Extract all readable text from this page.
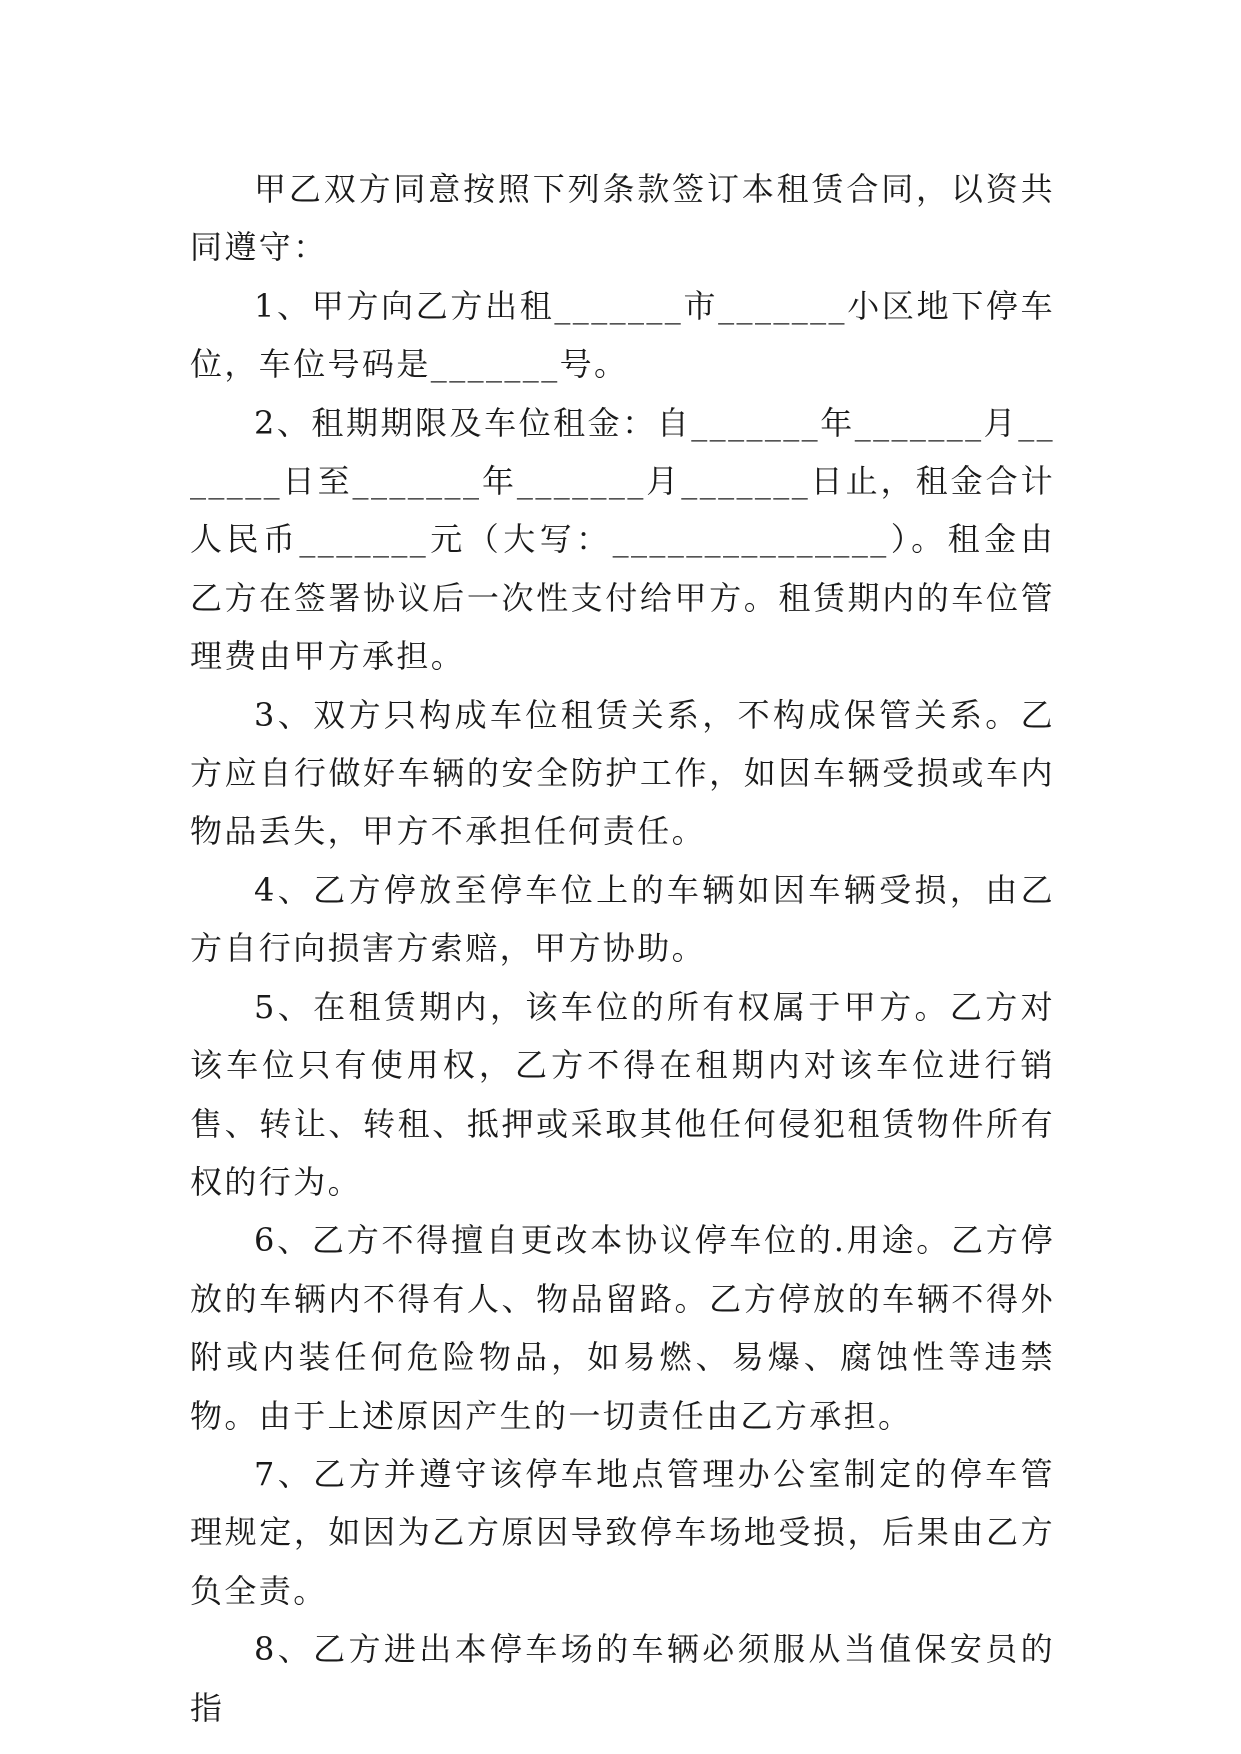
甲乙双方同意按照下列条款签订本租赁合同，以资共同遵守：

1、甲方向乙方出租_______市_______小区地下停车位，车位号码是_______号。

2、租期期限及车位租金：自_______年_______月_______日至_______年_______月_______日止，租金合计人民币_______元（大写：_______________）。租金由乙方在签署协议后一次性支付给甲方。租赁期内的车位管理费由甲方承担。

3、双方只构成车位租赁关系，不构成保管关系。乙方应自行做好车辆的安全防护工作，如因车辆受损或车内物品丢失，甲方不承担任何责任。

4、乙方停放至停车位上的车辆如因车辆受损，由乙方自行向损害方索赔，甲方协助。

5、在租赁期内，该车位的所有权属于甲方。乙方对该车位只有使用权，乙方不得在租期内对该车位进行销售、转让、转租、抵押或采取其他任何侵犯租赁物件所有权的行为。

6、乙方不得擅自更改本协议停车位的.用途。乙方停放的车辆内不得有人、物品留路。乙方停放的车辆不得外附或内装任何危险物品，如易燃、易爆、腐蚀性等违禁物。由于上述原因产生的一切责任由乙方承担。

7、乙方并遵守该停车地点管理办公室制定的停车管理规定，如因为乙方原因导致停车场地受损，后果由乙方负全责。

8、乙方进出本停车场的车辆必须服从当值保安员的指
